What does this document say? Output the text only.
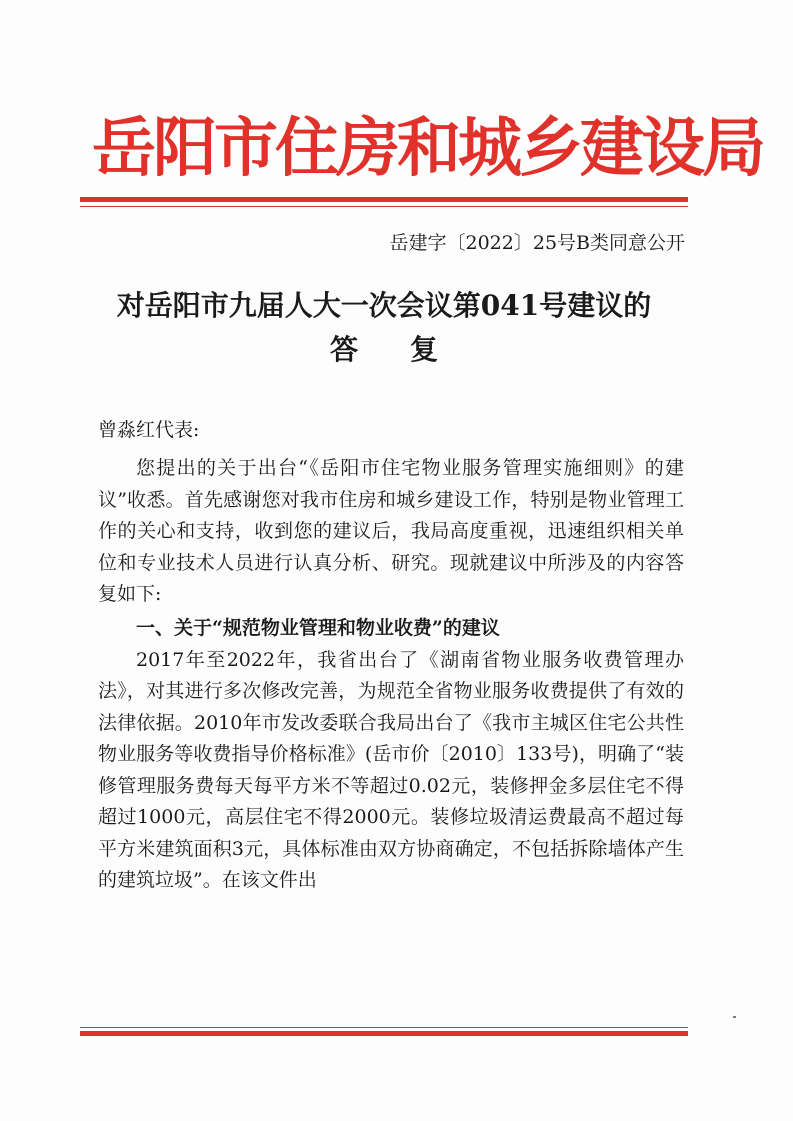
岳阳市住房和城乡建设局
岳建字〔2022〕25号B类同意公开
对岳阳市九届人大一次会议第041号建议的
答复

曾淼红代表:

您提出的关于出台“《岳阳市住宅物业服务管理实施细则》的建议”收悉。首先感谢您对我市住房和城乡建设工作，特别是物业管理工作的关心和支持，收到您的建议后，我局高度重视，迅速组织相关单位和专业技术人员进行认真分析、研究。现就建议中所涉及的内容答复如下:

一、关于“规范物业管理和物业收费”的建议

2017年至2022年，我省出台了《湖南省物业服务收费管理办法》，对其进行多次修改完善，为规范全省物业服务收费提供了有效的法律依据。2010年市发改委联合我局出台了《我市主城区住宅公共性物业服务等收费指导价格标准》(岳市价〔2010〕133号)，明确了“装修管理服务费每天每平方米不等超过0.02元，装修押金多层住宅不得超过1000元，高层住宅不得2000元。装修垃圾清运费最高不超过每平方米建筑面积3元，具体标准由双方协商确定，不包括拆除墙体产生的建筑垃圾”。在该文件出
